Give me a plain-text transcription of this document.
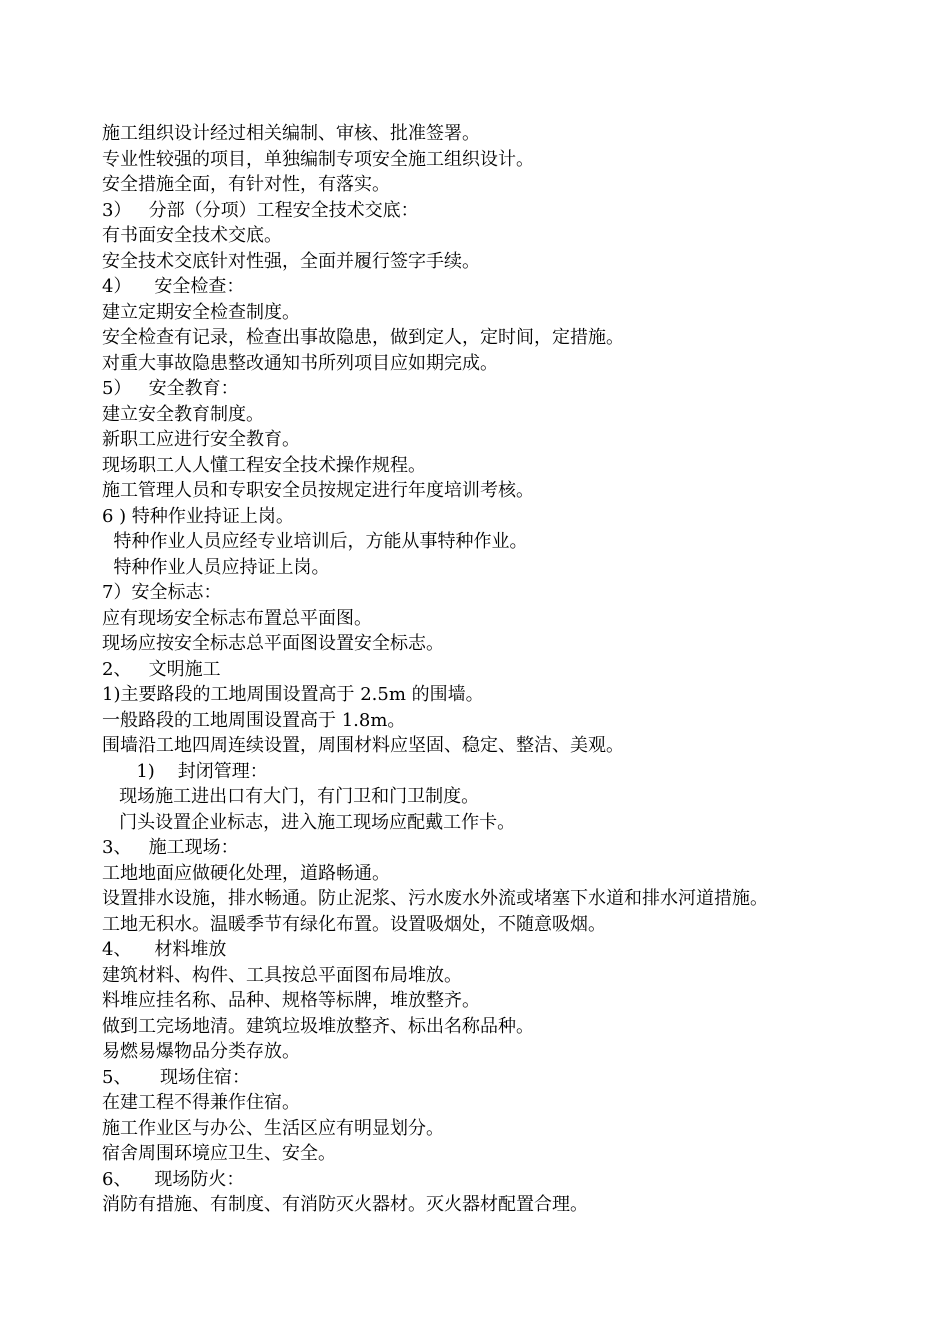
施工组织设计经过相关编制、审核、批准签署。
专业性较强的项目，单独编制专项安全施工组织设计。
安全措施全面，有针对性，有落实。
3）   分部（分项）工程安全技术交底：
有书面安全技术交底。
安全技术交底针对性强，全面并履行签字手续。
4）    安全检查：
建立定期安全检查制度。
安全检查有记录，检查出事故隐患，做到定人，定时间，定措施。
对重大事故隐患整改通知书所列项目应如期完成。
5）   安全教育：
建立安全教育制度。
新职工应进行安全教育。
现场职工人人懂工程安全技术操作规程。
施工管理人员和专职安全员按规定进行年度培训考核。
6 ) 特种作业持证上岗。
特种作业人员应经专业培训后，方能从事特种作业。
特种作业人员应持证上岗。
7）安全标志：
应有现场安全标志布置总平面图。
现场应按安全标志总平面图设置安全标志。
2、   文明施工
1)主要路段的工地周围设置高于 2.5m 的围墙。
一般路段的工地周围设置高于 1.8m。
围墙沿工地四周连续设置，周围材料应坚固、稳定、整洁、美观。
1)    封闭管理：
现场施工进出口有大门，有门卫和门卫制度。
门头设置企业标志，进入施工现场应配戴工作卡。
3、   施工现场：
工地地面应做硬化处理，道路畅通。
设置排水设施，排水畅通。防止泥浆、污水废水外流或堵塞下水道和排水河道措施。
工地无积水。温暖季节有绿化布置。设置吸烟处，不随意吸烟。
4、    材料堆放
建筑材料、构件、工具按总平面图布局堆放。
料堆应挂名称、品种、规格等标牌，堆放整齐。
做到工完场地清。建筑垃圾堆放整齐、标出名称品种。
易燃易爆物品分类存放。
5、     现场住宿：
在建工程不得兼作住宿。
施工作业区与办公、生活区应有明显划分。
宿舍周围环境应卫生、安全。
6、    现场防火：
消防有措施、有制度、有消防灭火器材。灭火器材配置合理。
